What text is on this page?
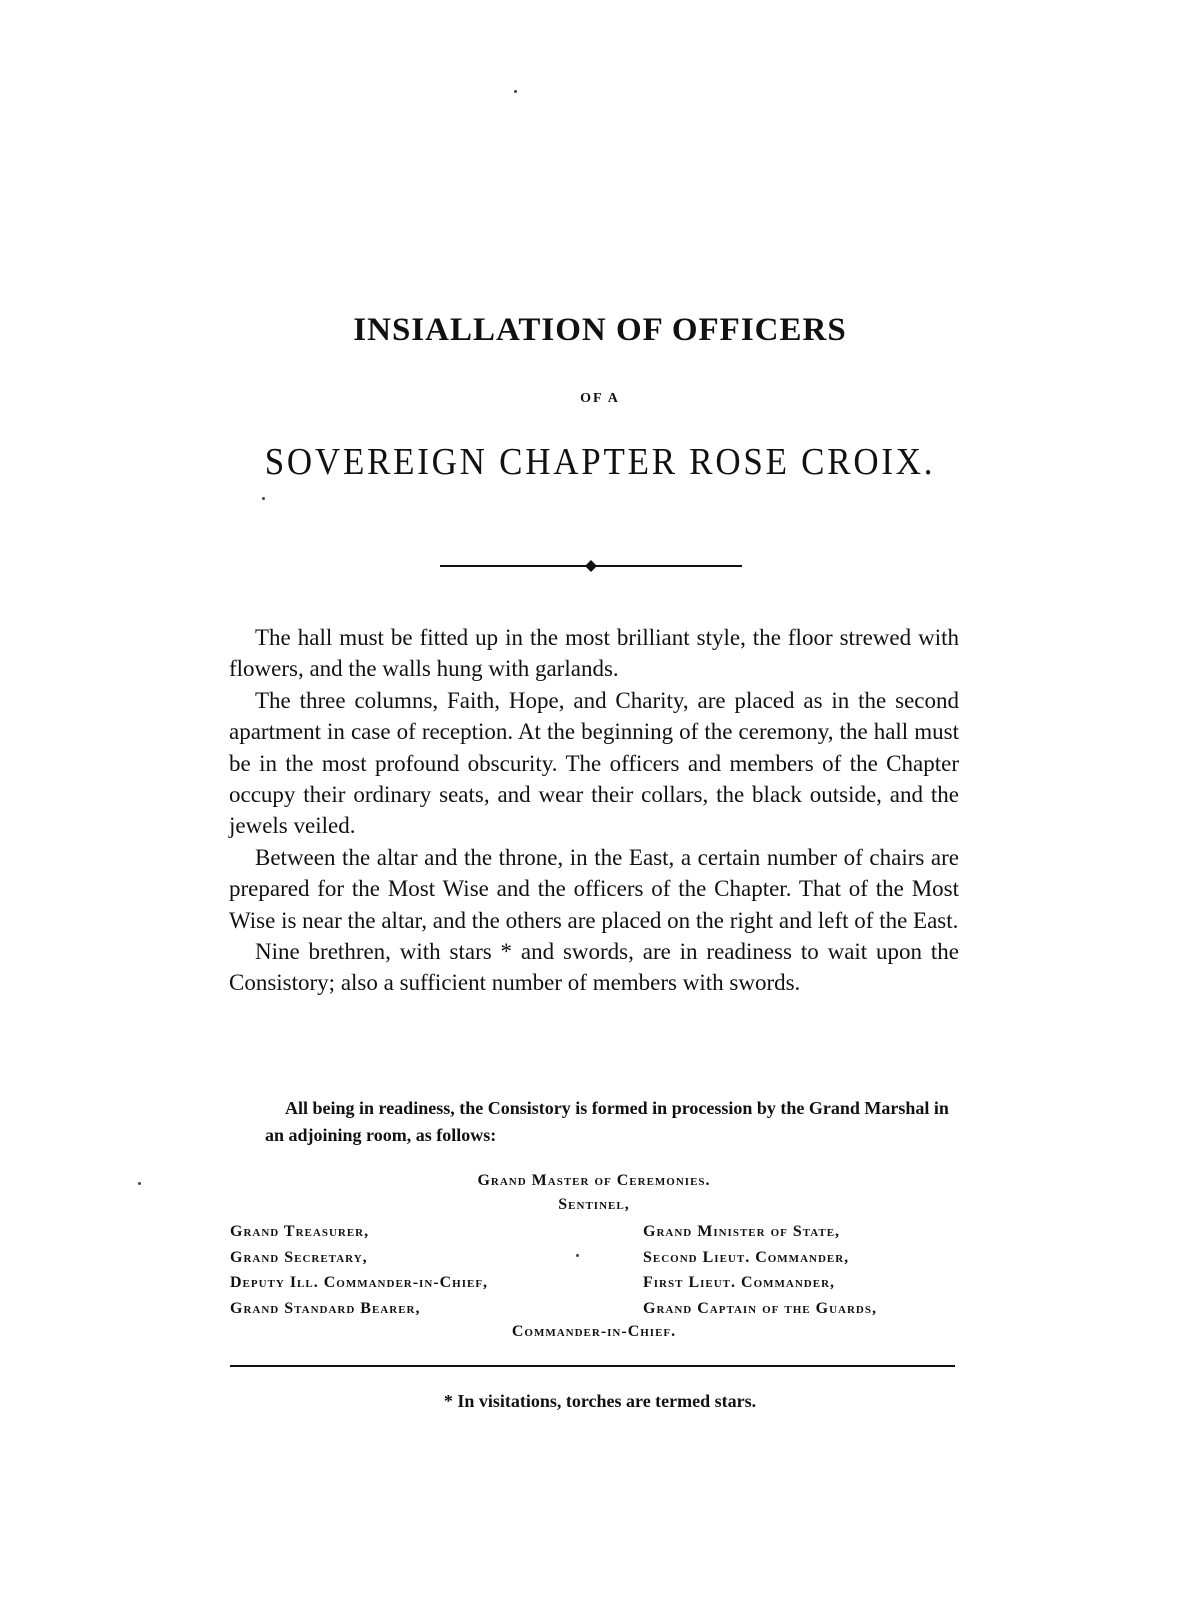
INSIALLATION OF OFFICERS
OF A
SOVEREIGN CHAPTER ROSE CROIX.

The hall must be fitted up in the most brilliant style, the floor strewed with flowers, and the walls hung with garlands.

The three columns, Faith, Hope, and Charity, are placed as in the second apartment in case of reception. At the beginning of the ceremony, the hall must be in the most profound obscurity. The officers and members of the Chapter occupy their ordinary seats, and wear their collars, the black outside, and the jewels veiled.

Between the altar and the throne, in the East, a certain number of chairs are prepared for the Most Wise and the officers of the Chapter. That of the Most Wise is near the altar, and the others are placed on the right and left of the East.

Nine brethren, with stars * and swords, are in readiness to wait upon the Consistory; also a sufficient number of members with swords.

All being in readiness, the Consistory is formed in procession by the Grand Marshal in an adjoining room, as follows:

Grand Master of Ceremonies.
Sentinel,
Grand Treasurer,
Grand Secretary,
Deputy Ill. Commander-in-Chief,
Grand Standard Bearer,
Grand Minister of State,
Second Lieut. Commander,
First Lieut. Commander,
Grand Captain of the Guards,
Commander-in-Chief.
* In visitations, torches are termed stars.
